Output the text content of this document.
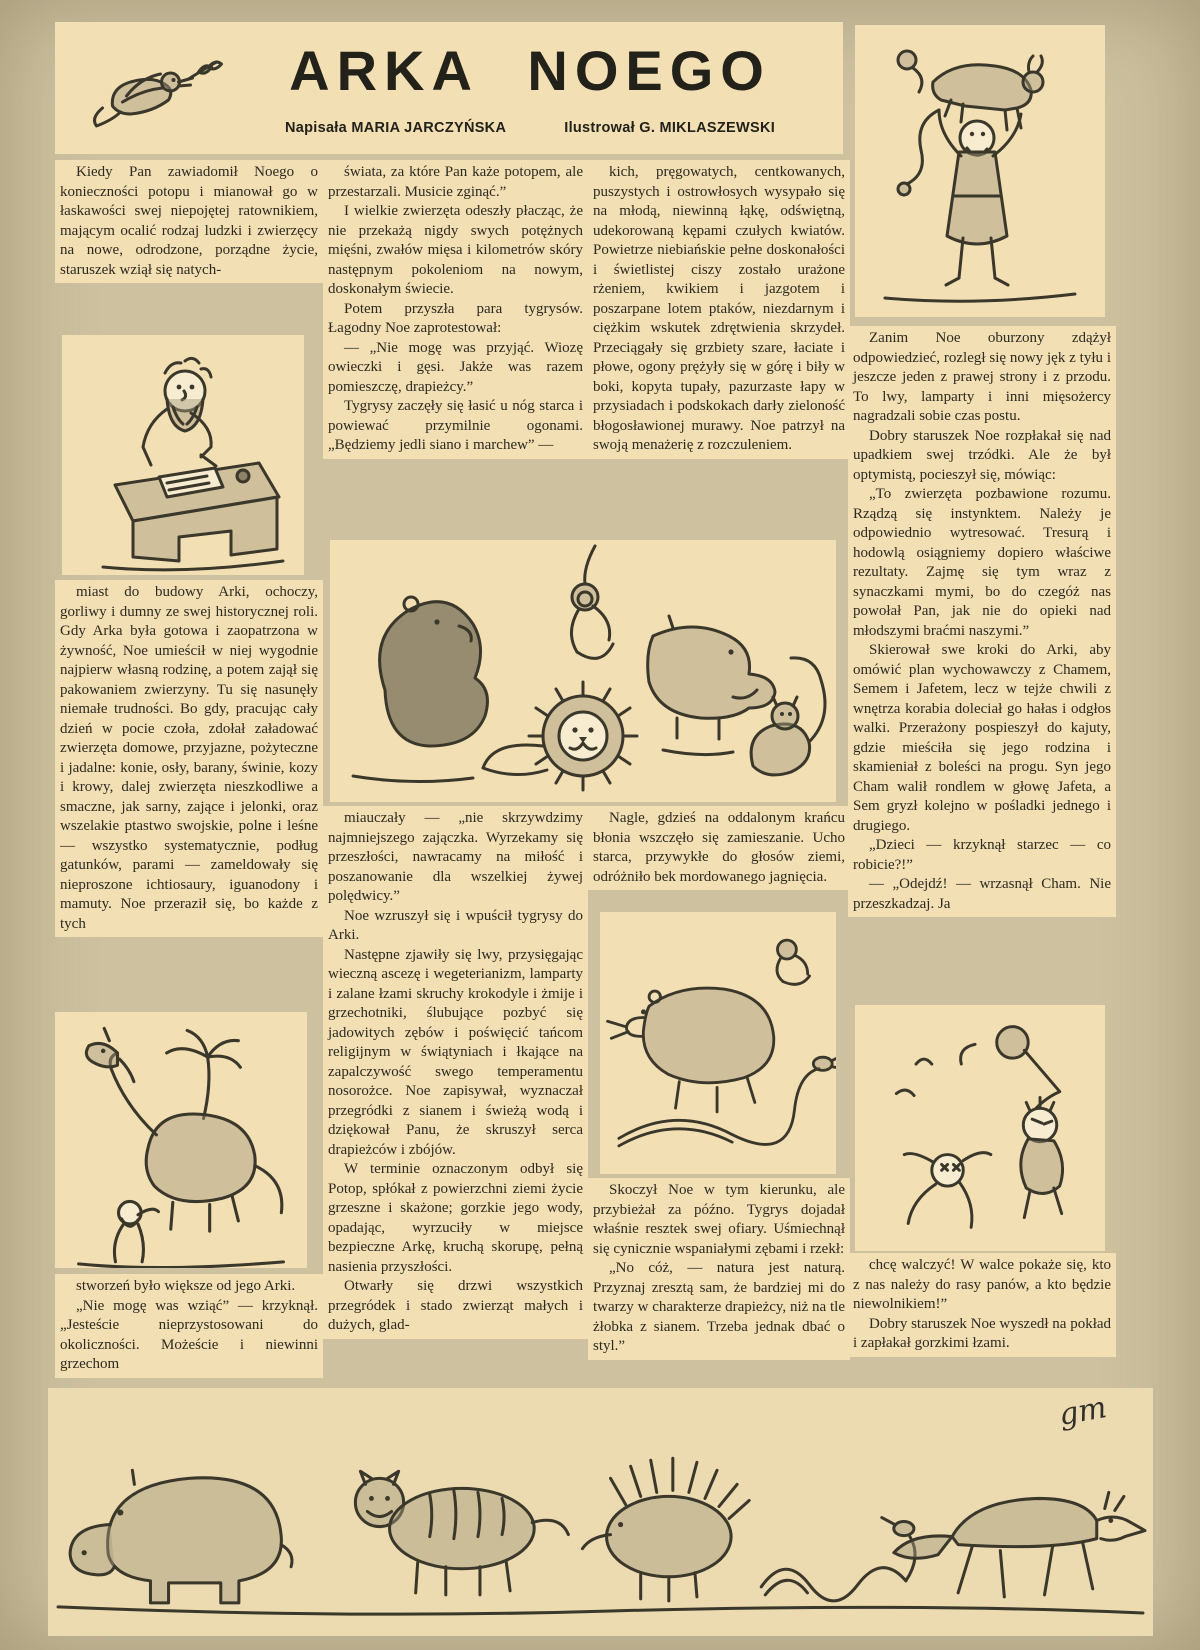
ARKA NOEGO
Napisała MARIA JARCZYŃSKA	Ilustrował G. MIKLASZEWSKI

Kiedy Pan zawiadomił Noego o konieczności potopu i mianował go w łaskawości swej niepojętej ratownikiem, mającym ocalić rodzaj ludzki i zwierzęcy na nowe, odrodzone, porządne życie, staruszek wziął się natych-

miast do budowy Arki, ochoczy, gorliwy i dumny ze swej historycznej roli. Gdy Arka była gotowa i zaopatrzona w żywność, Noe umieścił w niej wygodnie najpierw własną rodzinę, a potem zajął się pakowaniem zwierzyny. Tu się nasunęły niemałe trudności. Bo gdy, pracując cały dzień w pocie czoła, zdołał załadować zwierzęta domowe, przyjazne, pożyteczne i jadalne: konie, osły, barany, świnie, kozy i krowy, dalej zwierzęta nieszkodliwe a smaczne, jak sarny, zające i jelonki, oraz wszelakie ptastwo swojskie, polne i leśne — wszystko systematycznie, podług gatunków, parami — zameldowały się nieproszone ichtiosaury, iguanodony i mamuty. Noe przeraził się, bo każde z tych

stworzeń było większe od jego Arki.

„Nie mogę was wziąć” — krzyknął. „Jesteście nieprzystosowani do okoliczności. Możeście i niewinni grzechom

świata, za które Pan każe potopem, ale przestarzali. Musicie zginąć.”

I wielkie zwierzęta odeszły płacząc, że nie przekażą nigdy swych potężnych mięśni, zwałów mięsa i kilometrów skóry następnym pokoleniom na nowym, doskonałym świecie.

Potem przyszła para tygrysów. Łagodny Noe zaprotestował:

— „Nie mogę was przyjąć. Wiozę owieczki i gęsi. Jakże was razem pomieszczę, drapieżcy.”

Tygrysy zaczęły się łasić u nóg starca i powiewać przymilnie ogonami. „Będziemy jedli siano i marchew” —

miauczały — „nie skrzywdzimy najmniejszego zajączka. Wyrzekamy się przeszłości, nawracamy na miłość i poszanowanie dla wszelkiej żywej polędwicy.”

Noe wzruszył się i wpuścił tygrysy do Arki.

Następne zjawiły się lwy, przysięgając wieczną ascezę i wegeterianizm, lamparty i zalane łzami skruchy krokodyle i żmije i grzechotniki, ślubujące pozbyć się jadowitych zębów i poświęcić tańcom religijnym w świątyniach i łkające na zapalczywość swego temperamentu nosorożce. Noe zapisywał, wyznaczał przegródki z sianem i świeżą wodą i dziękował Panu, że skruszył serca drapieżców i zbójów.

W terminie oznaczonym odbył się Potop, spłókał z powierzchni ziemi życie grzeszne i skażone; gorzkie jego wody, opadając, wyrzuciły w miejsce bezpieczne Arkę, kruchą skorupę, pełną nasienia przyszłości.

Otwarły się drzwi wszystkich przegródek i stado zwierząt małych i dużych, glad-

kich, pręgowatych, centkowanych, puszystych i ostrowłosych wysypało się na młodą, niewinną łąkę, odświętną, udekorowaną kępami czułych kwiatów. Powietrze niebiańskie pełne doskonałości i świetlistej ciszy zostało urażone rżeniem, kwikiem i jazgotem i poszarpane lotem ptaków, niezdarnym i ciężkim wskutek zdrętwienia skrzydeł. Przeciągały się grzbiety szare, łaciate i płowe, ogony prężyły się w górę i biły w boki, kopyta tupały, pazurzaste łapy w przysiadach i podskokach darły zieloność błogosławionej murawy. Noe patrzył na swoją menażerię z rozczuleniem.

Nagle, gdzieś na oddalonym krańcu błonia wszczęło się zamieszanie. Ucho starca, przywykłe do głosów ziemi, odróżniło bek mordowanego jagnięcia.

Skoczył Noe w tym kierunku, ale przybieżał za późno. Tygrys dojadał właśnie resztek swej ofiary. Uśmiechnął się cynicznie wspaniałymi zębami i rzekł:

„No cóż, — natura jest naturą. Przyznaj zresztą sam, że bardziej mi do twarzy w charakterze drapieżcy, niż na tle żłobka z sianem. Trzeba jednak dbać o styl.”

Zanim Noe oburzony zdążył odpowiedzieć, rozległ się nowy jęk z tyłu i jeszcze jeden z prawej strony i z przodu. To lwy, lamparty i inni mięsożercy nagradzali sobie czas postu.

Dobry staruszek Noe rozpłakał się nad upadkiem swej trzódki. Ale że był optymistą, pocieszył się, mówiąc:

„To zwierzęta pozbawione rozumu. Rządzą się instynktem. Należy je odpowiednio wytresować. Tresurą i hodowlą osiągniemy dopiero właściwe rezultaty. Zajmę się tym wraz z synaczkami mymi, bo do czegóż nas powołał Pan, jak nie do opieki nad młodszymi braćmi naszymi.”

Skierował swe kroki do Arki, aby omówić plan wychowawczy z Chamem, Semem i Jafetem, lecz w tejże chwili z wnętrza korabia doleciał go hałas i odgłos walki. Przerażony pospieszył do kajuty, gdzie mieściła się jego rodzina i skamieniał z boleści na progu. Syn jego Cham walił rondlem w głowę Jafeta, a Sem gryzł kolejno w pośladki jednego i drugiego.

„Dzieci — krzyknął starzec — co robicie?!”

— „Odejdź! — wrzasnął Cham. Nie przeszkadzaj. Ja

chcę walczyć! W walce pokaże się, kto z nas należy do rasy panów, a kto będzie niewolnikiem!”

Dobry staruszek Noe wyszedł na pokład i zapłakał gorzkimi łzami.

gm
